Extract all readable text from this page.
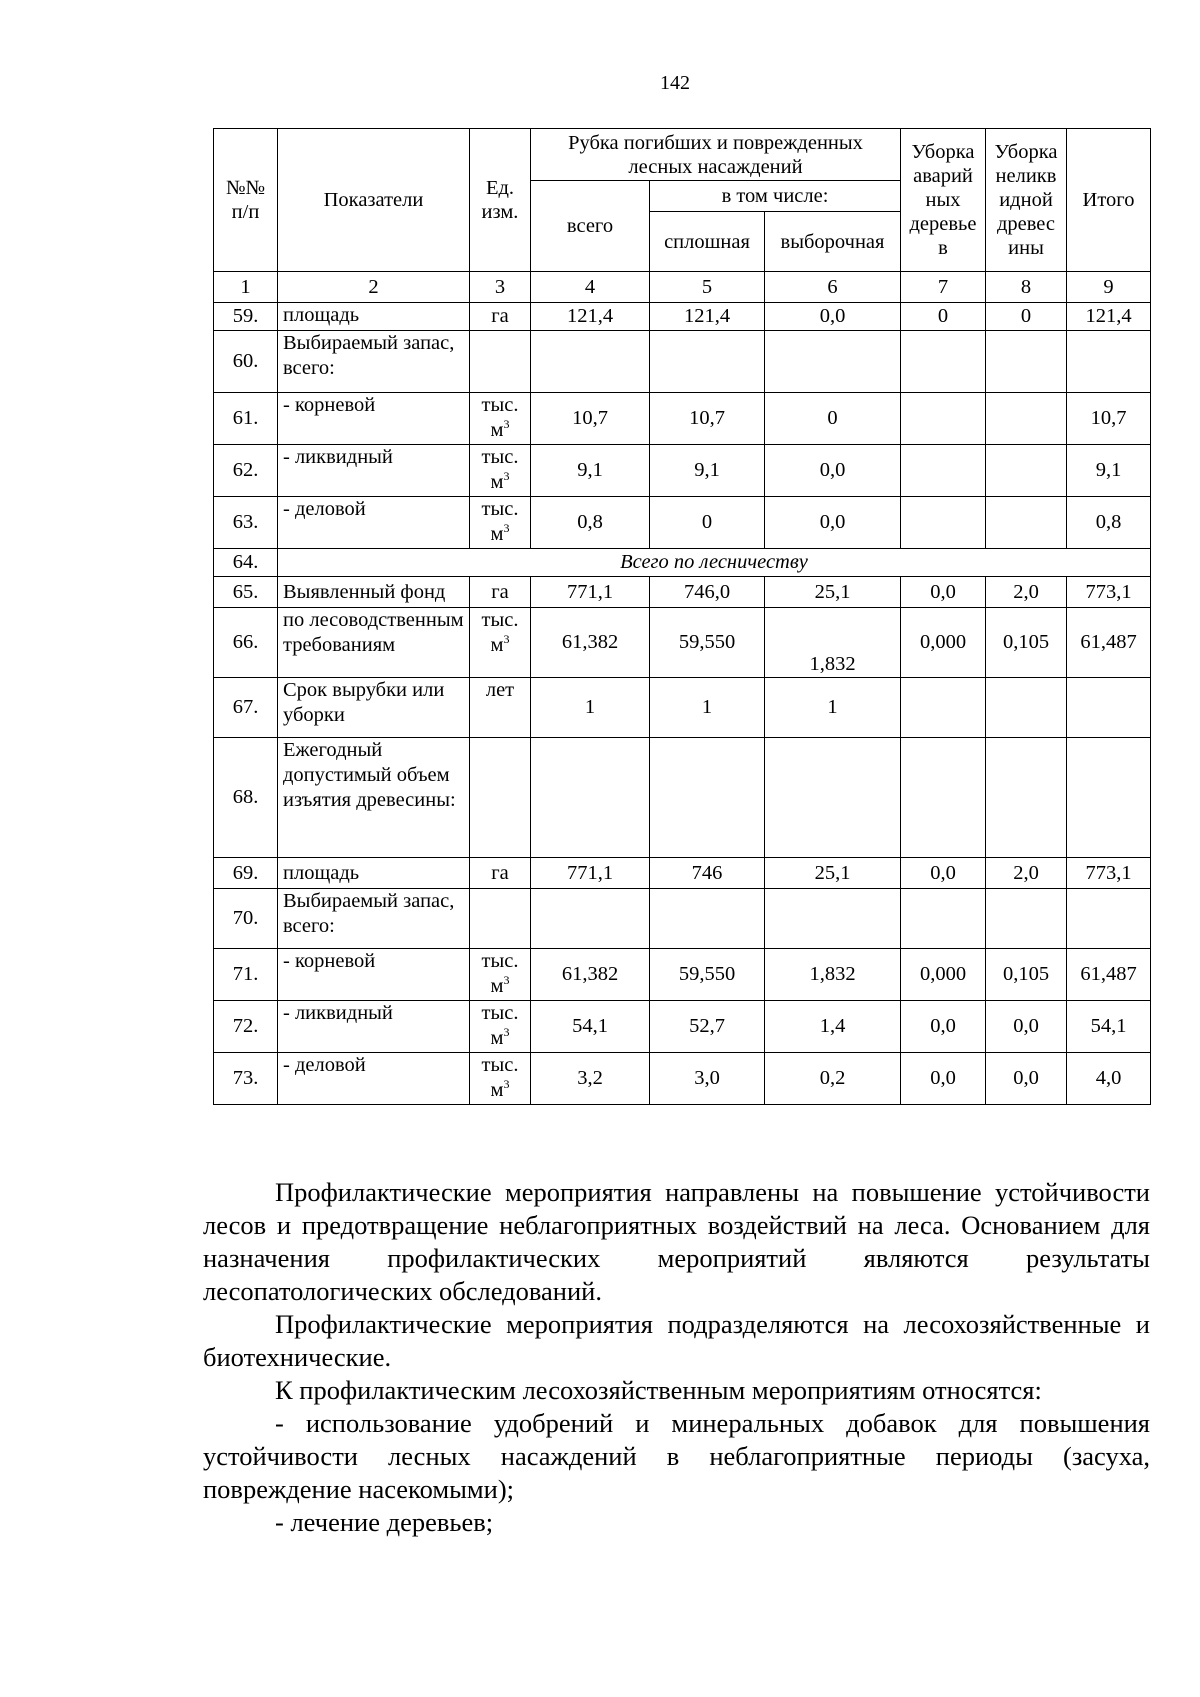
142
№№ п/п	Показатели	Ед. изм.	Рубка погибших и поврежденных лесных насаждений			Уборка аварий ных деревье в	Уборка неликв идной древес ины	Итого
			всего	в том числе:				
				сплошная	выборочная			
1	2	3	4	5	6	7	8	9
59.	площадь	га	121,4	121,4	0,0	0	0	121,4
60.	Выбираемый запас, всего:							
61.	- корневой	тыс. $м^3$	10,7	10,7	0			10,7
62.	- ликвидный	тыс. $м^3$	9,1	9,1	0,0			9,1
63.	- деловой	тыс. $м^3$	0,8	0	0,0			0,8
64.	Всего по лесничеству							
65.	Выявленный фонд	га	771,1	746,0	25,1	0,0	2,0	773,1
66.	по лесоводственным требованиям	тыс. $м^3$	61,382	59,550	1,832	0,000	0,105	61,487
67.	Срок вырубки или уборки	лет	1	1	1			
68.	Ежегодный допустимый объем изъятия древесины:							
69.	площадь	га	771,1	746	25,1	0,0	2,0	773,1
70.	Выбираемый запас, всего:							
71.	- корневой	тыс. $м^3$	61,382	59,550	1,832	0,000	0,105	61,487
72.	- ликвидный	тыс. $м^3$	54,1	52,7	1,4	0,0	0,0	54,1
73.	- деловой	тыс. $м^3$	3,2	3,0	0,2	0,0	0,0	4,0

Профилактические мероприятия направлены на повышение устойчивости лесов и предотвращение неблагоприятных воздействий на леса. Основанием для назначения профилактических мероприятий являются результаты лесопатологических обследований.

Профилактические мероприятия подразделяются на лесохозяйственные и биотехнические.

К профилактическим лесохозяйственным мероприятиям относятся:

- использование удобрений и минеральных добавок для повышения устойчивости лесных насаждений в неблагоприятные периоды (засуха, повреждение насекомыми);

- лечение деревьев;
